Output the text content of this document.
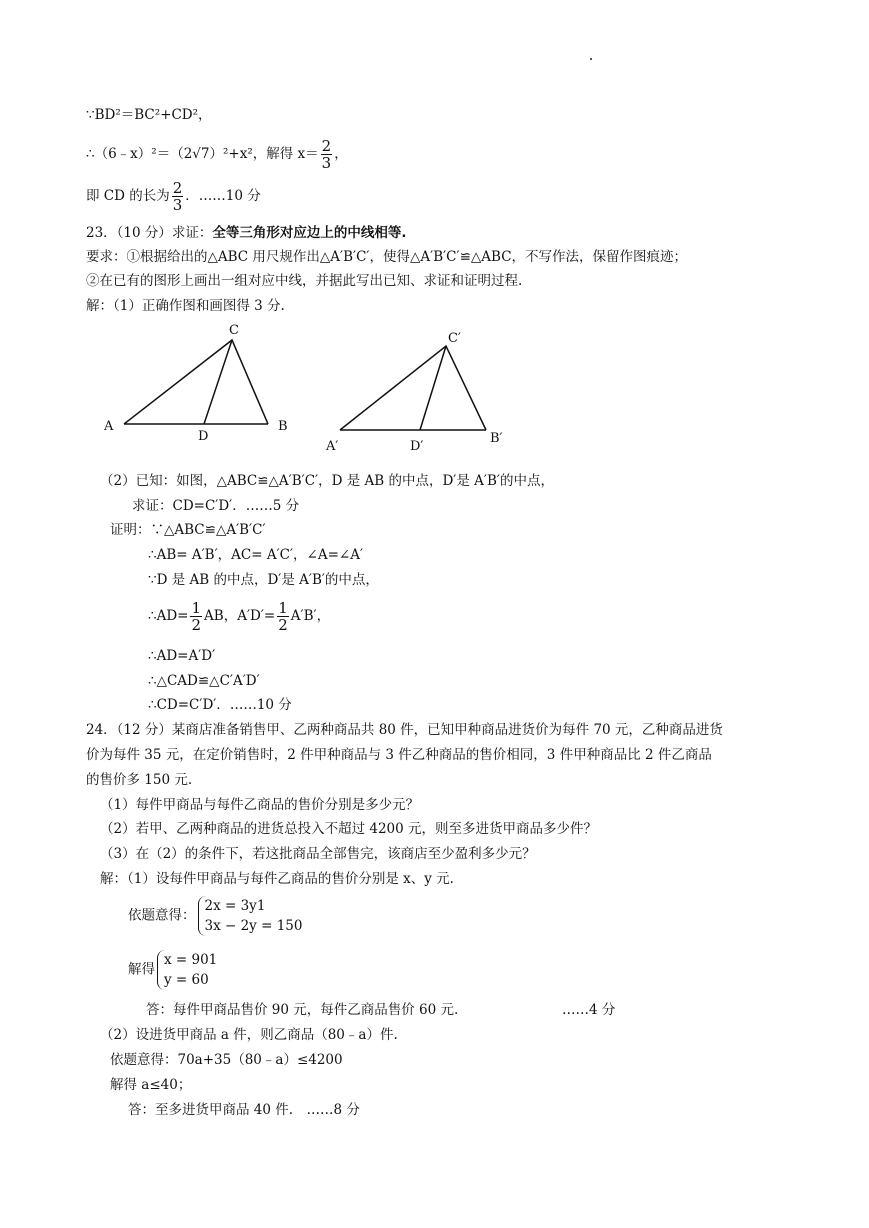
∵BD²＝BC²+CD²，
∴（6﹣x）²＝（2√7）²+x²，解得 $x= \frac{2}{3}$ ，
即 CD 的长为 $\frac{2}{3}$ ．……10 分
23．（10 分）求证：全等三角形对应边上的中线相等.
要求：①根据给出的△ABC 用尺规作出△A′B′C′，使得△A′B′C′≌△ABC，不写作法，保留作图痕迹；
②在已有的图形上画出一组对应中线，并据此写出已知、求证和证明过程.
解：（1）正确作图和画图得 3 分.
A	B
C
D
A′
B′
C′
D′
（2）已知：如图，△ABC≌△A′B′C′，D 是 AB 的中点，D′是 A′B′的中点，
求证：CD=C′D′．……5 分
证明：∵△ABC≌△A′B′C′
∴AB= A′B′，AC= A′C′，∠A=∠A′
∵D 是 AB 的中点，D′是 A′B′的中点，
∴AD= $\frac{1}{2}$ AB，$A'D'= \frac{1}{2} A'B'$，
∴AD=A′D′
∴△CAD≌△C′A′D′
∴CD=C′D′．……10 分
24．（12 分）某商店准备销售甲、乙两种商品共 80 件，已知甲种商品进货价为每件 70 元，乙种商品进货
价为每件 35 元，在定价销售时，2 件甲种商品与 3 件乙种商品的售价相同，3 件甲种商品比 2 件乙商品
的售价多 150 元.
（1）每件甲商品与每件乙商品的售价分别是多少元？
（2）若甲、乙两种商品的进货总投入不超过 4200 元，则至多进货甲商品多少件？
（3）在（2）的条件下，若这批商品全部售完，该商店至少盈利多少元？
解：（1）设每件甲商品与每件乙商品的售价分别是 x、y 元.
依题意得：
2x = 3y1
3x − 2y = 150
解得
x = 901
y = 60
答：每件甲商品售价 90 元，每件乙商品售价 60 元.	……4 分
（2）设进货甲商品 a 件，则乙商品（80﹣a）件.
依题意得：70a+35（80﹣a）≤4200
解得 a≤40；
答：至多进货甲商品 40 件.　……8 分
